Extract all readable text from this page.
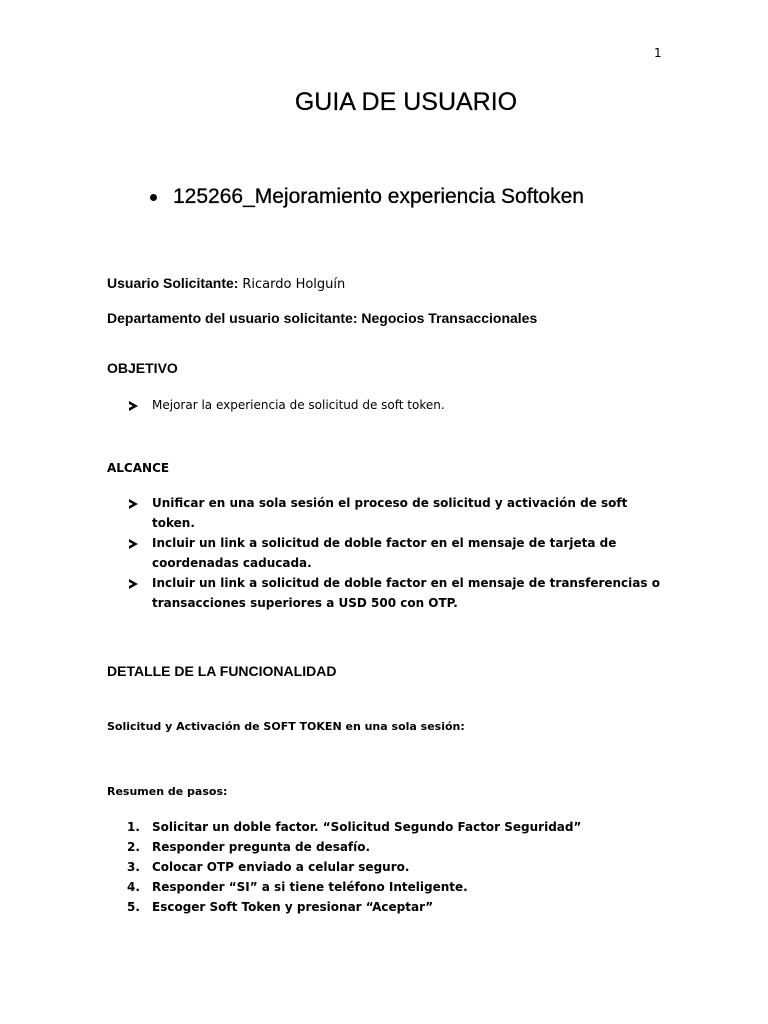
1
GUIA DE USUARIO
125266_Mejoramiento experiencia Softoken
Usuario Solicitante: Ricardo Holguín
Departamento del usuario solicitante: Negocios Transaccionales
OBJETIVO
Mejorar la experiencia de solicitud de soft token.
ALCANCE
Unificar en una sola sesión el proceso de solicitud y activación de soft token.
Incluir un link a solicitud de doble factor en el mensaje de tarjeta de coordenadas caducada.
Incluir un link a solicitud de doble factor en el mensaje de transferencias o transacciones superiores a USD 500 con OTP.
DETALLE DE LA FUNCIONALIDAD
Solicitud y Activación de SOFT TOKEN en una sola sesión:
Resumen de pasos:
1.	Solicitar un doble factor. “Solicitud Segundo Factor Seguridad”
2.	Responder pregunta de desafío.
3.	Colocar OTP enviado a celular seguro.
4.	Responder “SI” a si tiene teléfono Inteligente.
5.	Escoger Soft Token y presionar “Aceptar”
